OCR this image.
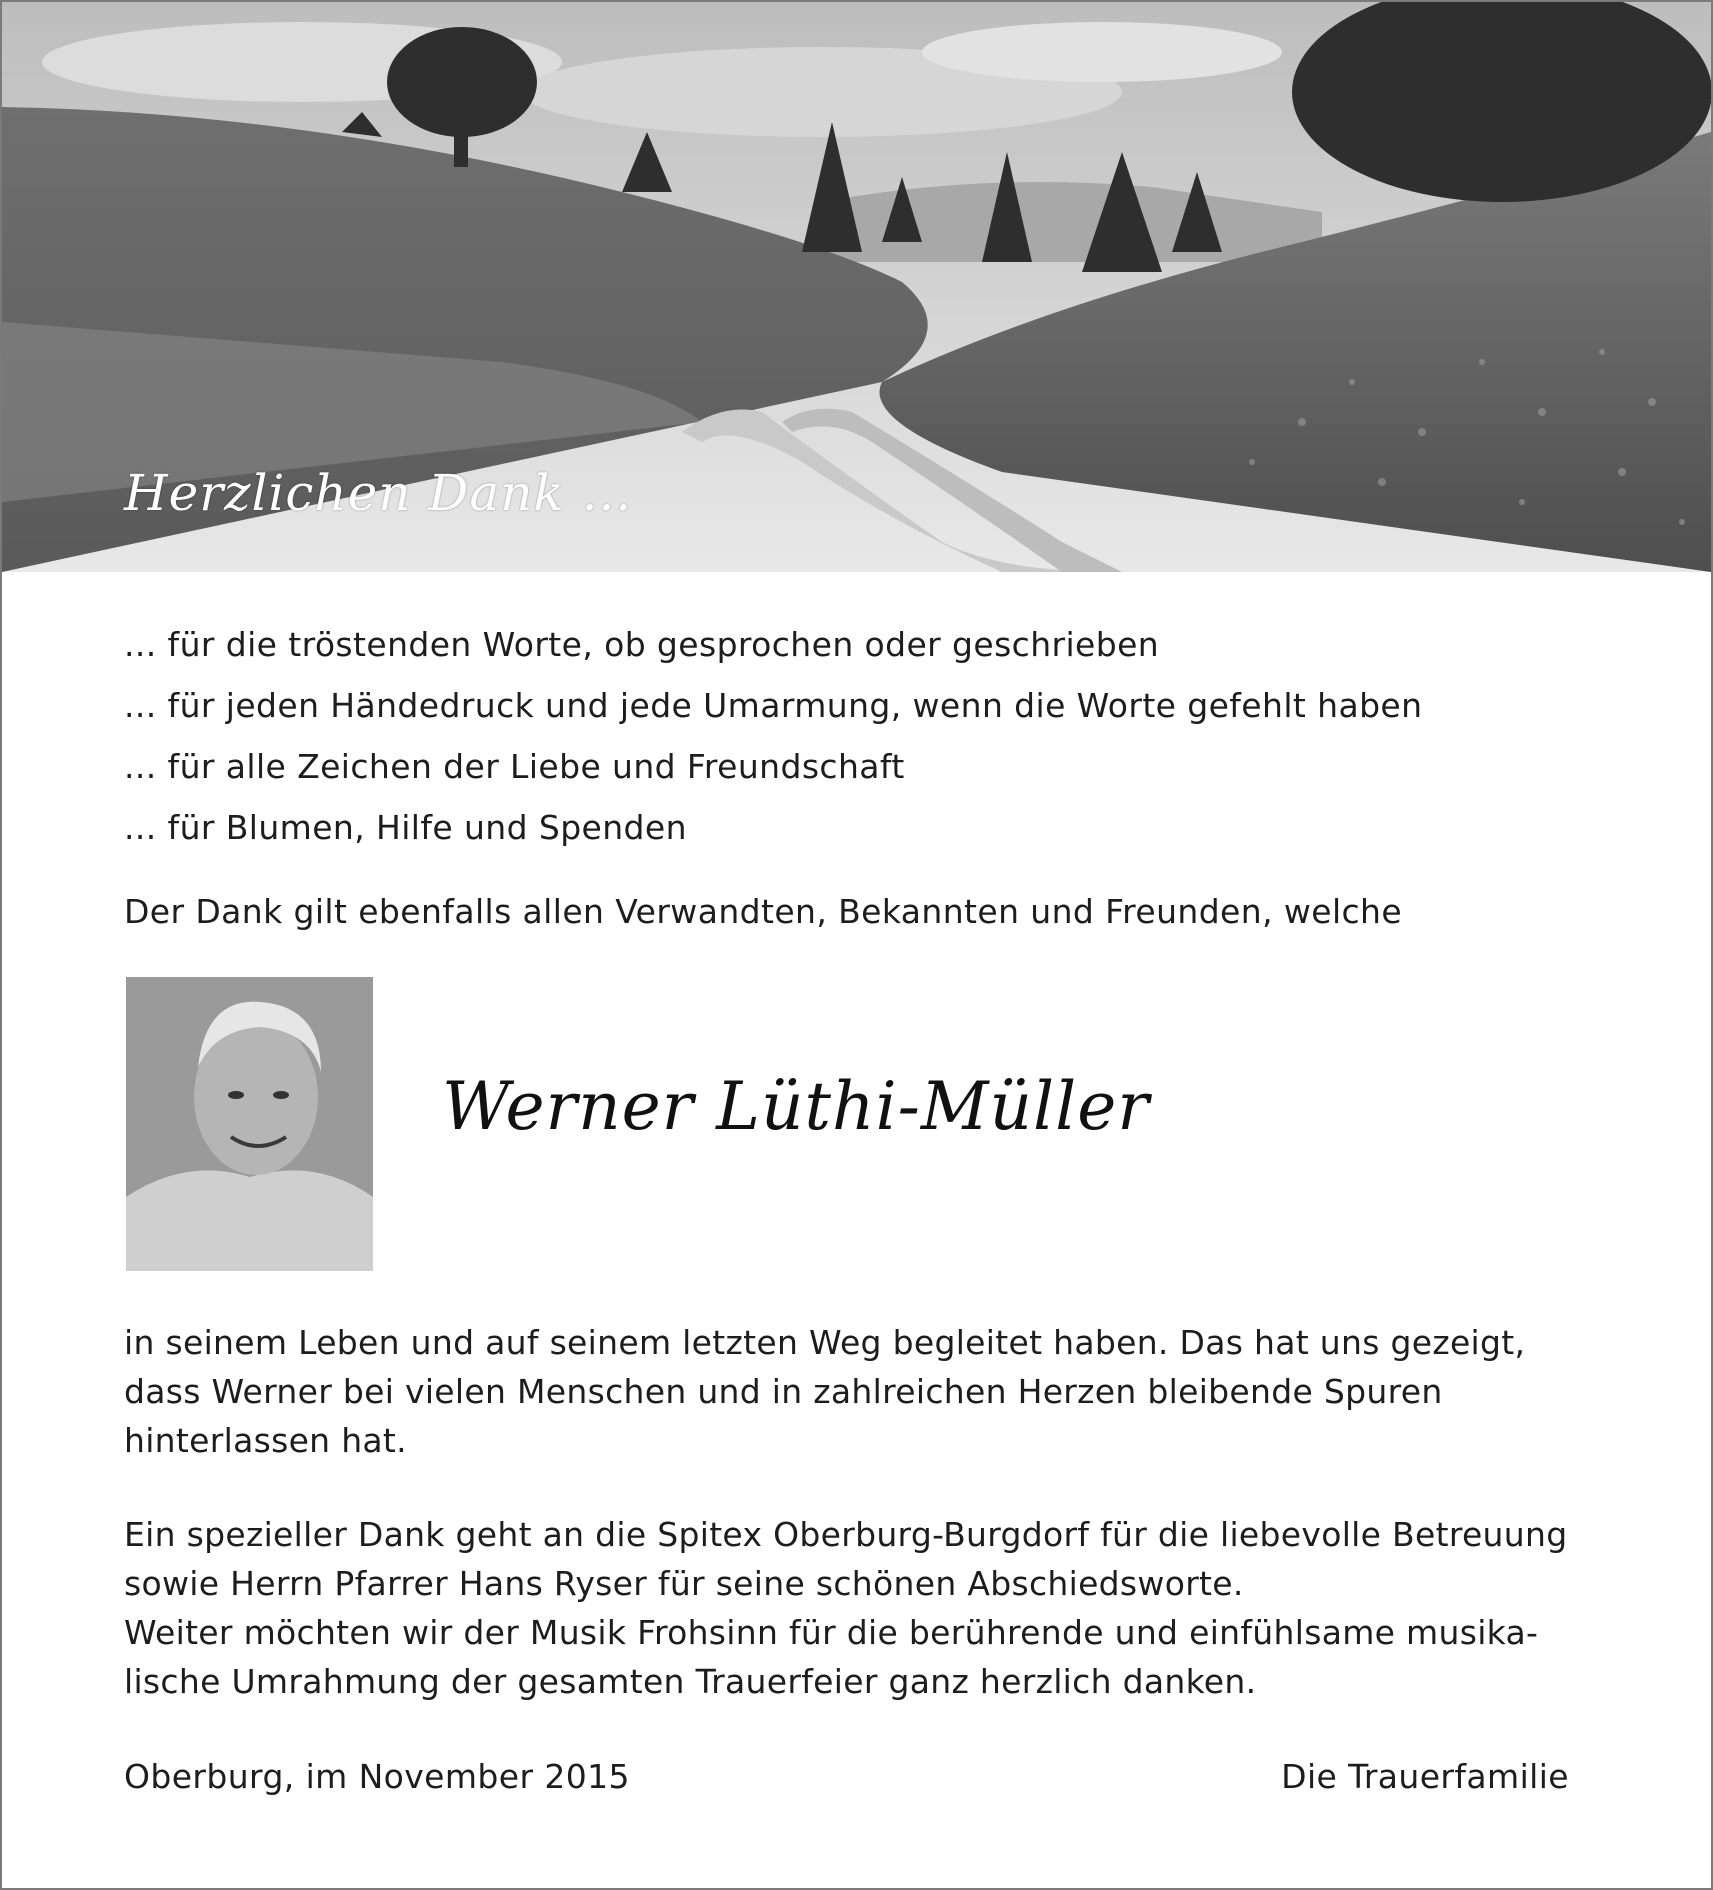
Herzlichen Dank ...
... für die tröstenden Worte, ob gesprochen oder geschrieben
... für jeden Händedruck und jede Umarmung, wenn die Worte gefehlt haben
... für alle Zeichen der Liebe und Freundschaft
... für Blumen, Hilfe und Spenden
Der Dank gilt ebenfalls allen Verwandten, Bekannten und Freunden, welche
Werner Lüthi-Müller
in seinem Leben und auf seinem letzten Weg begleitet haben. Das hat uns gezeigt, dass Werner bei vielen Menschen und in zahlreichen Herzen bleibende Spuren hinterlassen hat.
Ein spezieller Dank geht an die Spitex Oberburg-Burgdorf für die liebevolle Betreuung
sowie Herrn Pfarrer Hans Ryser für seine schönen Abschiedsworte.
Weiter möchten wir der Musik Frohsinn für die berührende und einfühlsame musika-
lische Umrahmung der gesamten Trauerfeier ganz herzlich danken.
Oberburg, im November 2015	Die Trauerfamilie
